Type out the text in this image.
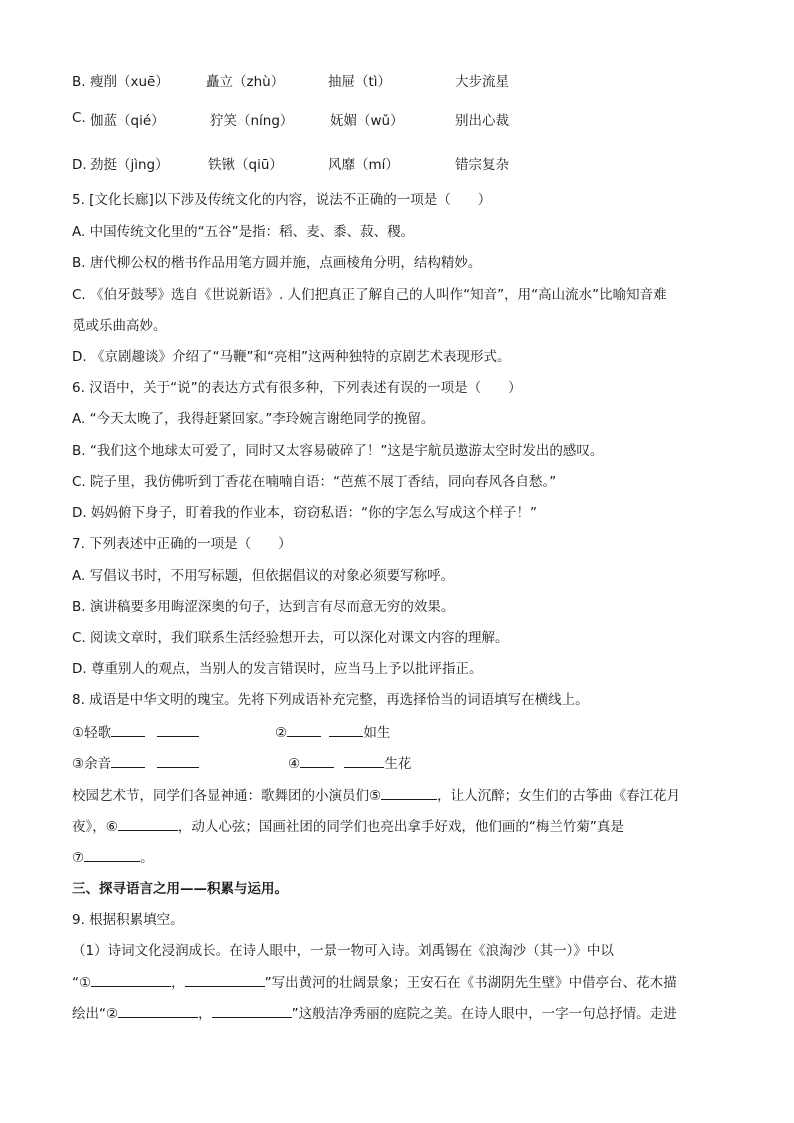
B. 瘦削（xuē）	矗立（zhù）	抽屉（tì）	大步流星
C. 伽蓝（qié）	狞笑（níng）	妩媚（wǔ）	别出心裁
D. 劲挺（jìng）	铁锹（qiū）	风靡（mí）	错宗复杂
5. [文化长廊]以下涉及传统文化的内容，说法不正确的一项是（　　）
A. 中国传统文化里的“五谷”是指：稻、麦、黍、菽、稷。
B. 唐代柳公权的楷书作品用笔方圆并施，点画棱角分明，结构精妙。
C. 《伯牙鼓琴》选自《世说新语》. 人们把真正了解自己的人叫作“知音”，用“高山流水”比喻知音难
觅或乐曲高妙。
D. 《京剧趣谈》介绍了“马鞭”和“亮相”这两种独特的京剧艺术表现形式。
6. 汉语中，关于“说”的表达方式有很多种，下列表述有误的一项是（　　）
A. “今天太晚了，我得赶紧回家。”李玲婉言谢绝同学的挽留。
B. “我们这个地球太可爱了，同时又太容易破碎了！”这是宇航员遨游太空时发出的感叹。
C. 院子里，我仿佛听到丁香花在喃喃自语：“芭蕉不展丁香结，同向春风各自愁。”
D. 妈妈俯下身子，盯着我的作业本，窃窃私语：“你的字怎么写成这个样子！”
7. 下列表述中正确的一项是（　　）
A. 写倡议书时，不用写标题，但依据倡议的对象必须要写称呼。
B. 演讲稿要多用晦涩深奥的句子，达到言有尽而意无穷的效果。
C. 阅读文章时，我们联系生活经验想开去，可以深化对课文内容的理解。
D. 尊重别人的观点，当别人的发言错误时，应当马上予以批评指正。
8. 成语是中华文明的瑰宝。先将下列成语补充完整，再选择恰当的词语填写在横线上。
①轻歌	②	如生
③余音	④	生花
校园艺术节，同学们各显神通：歌舞团的小演员们⑤	，让人沉醉；女生们的古筝曲《春江花月
夜》，⑥	，动人心弦；国画社团的同学们也亮出拿手好戏，他们画的“梅兰竹菊”真是
⑦	。
三、探寻语言之用——积累与运用。
9. 根据积累填空。
（1）诗词文化浸润成长。在诗人眼中，一景一物可入诗。刘禹锡在《浪淘沙（其一）》中以
“①	，	”写出黄河的壮阔景象；王安石在《书湖阴先生壁》中借亭台、花木描
绘出“②	，	”这般洁净秀丽的庭院之美。在诗人眼中，一字一句总抒情。走进
